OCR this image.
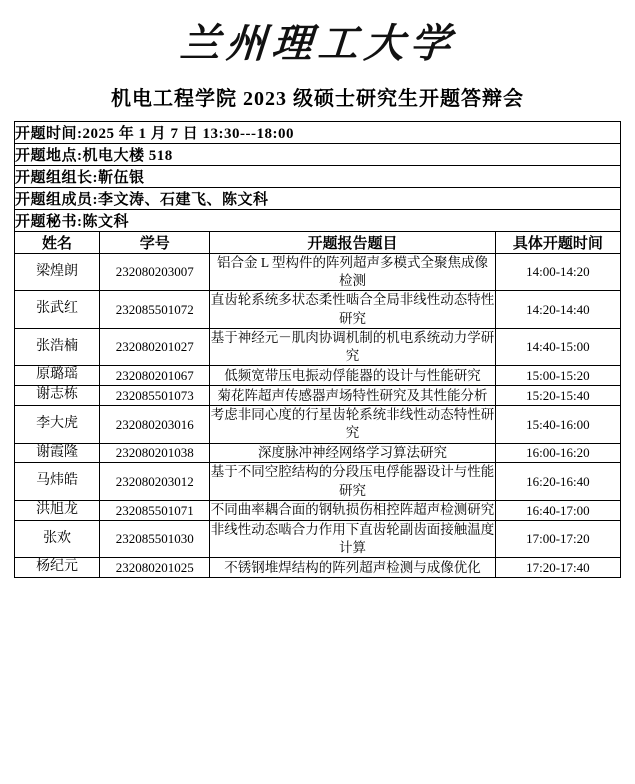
兰州理工大学
机电工程学院 2023 级硕士研究生开题答辩会
开题时间:2025 年 1 月 7 日 13:30---18:00			
开题地点:机电大楼 518			
开题组组长:靳伍银			
开题组成员:李文涛、石建飞、陈文科			
开题秘书:陈文科			
姓名	学号	开题报告题目	具体开题时间
梁煌朗	232080203007	铝合金 L 型构件的阵列超声多模式全聚焦成像检测	14:00-14:20
张武红	232085501072	直齿轮系统多状态柔性啮合全局非线性动态特性研究	14:20-14:40
张浩楠	232080201027	基于神经元－肌肉协调机制的机电系统动力学研究	14:40-15:00
原璐瑶	232080201067	低频宽带压电振动俘能器的设计与性能研究	15:00-15:20
谢志栋	232085501073	菊花阵超声传感器声场特性研究及其性能分析	15:20-15:40
李大虎	232080203016	考虑非同心度的行星齿轮系统非线性动态特性研究	15:40-16:00
谢霞隆	232080201038	深度脉冲神经网络学习算法研究	16:00-16:20
马炜皓	232080203012	基于不同空腔结构的分段压电俘能器设计与性能研究	16:20-16:40
洪旭龙	232085501071	不同曲率耦合面的钢轨损伤相控阵超声检测研究	16:40-17:00
张欢	232085501030	非线性动态啮合力作用下直齿轮副齿面接触温度计算	17:00-17:20
杨纪元	232080201025	不锈钢堆焊结构的阵列超声检测与成像优化	17:20-17:40
